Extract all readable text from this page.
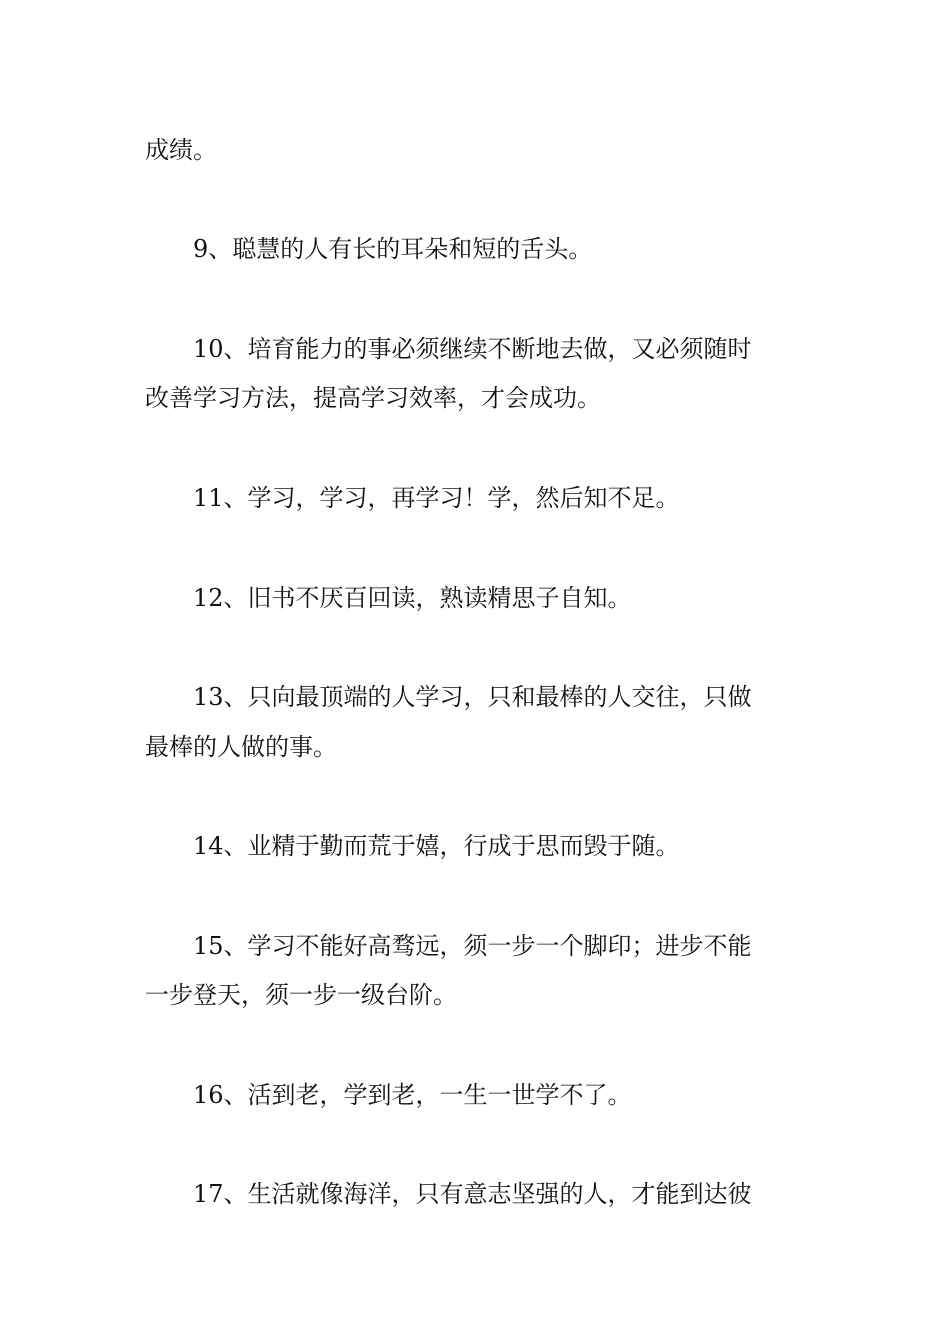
成绩。
9、聪慧的人有长的耳朵和短的舌头。
10、培育能力的事必须继续不断地去做，又必须随时
改善学习方法，提高学习效率，才会成功。
11、学习，学习，再学习！学，然后知不足。
12、旧书不厌百回读，熟读精思子自知。
13、只向最顶端的人学习，只和最棒的人交往，只做
最棒的人做的事。
14、业精于勤而荒于嬉，行成于思而毁于随。
15、学习不能好高骛远，须一步一个脚印；进步不能
一步登天，须一步一级台阶。
16、活到老，学到老，一生一世学不了。
17、生活就像海洋，只有意志坚强的人，才能到达彼
